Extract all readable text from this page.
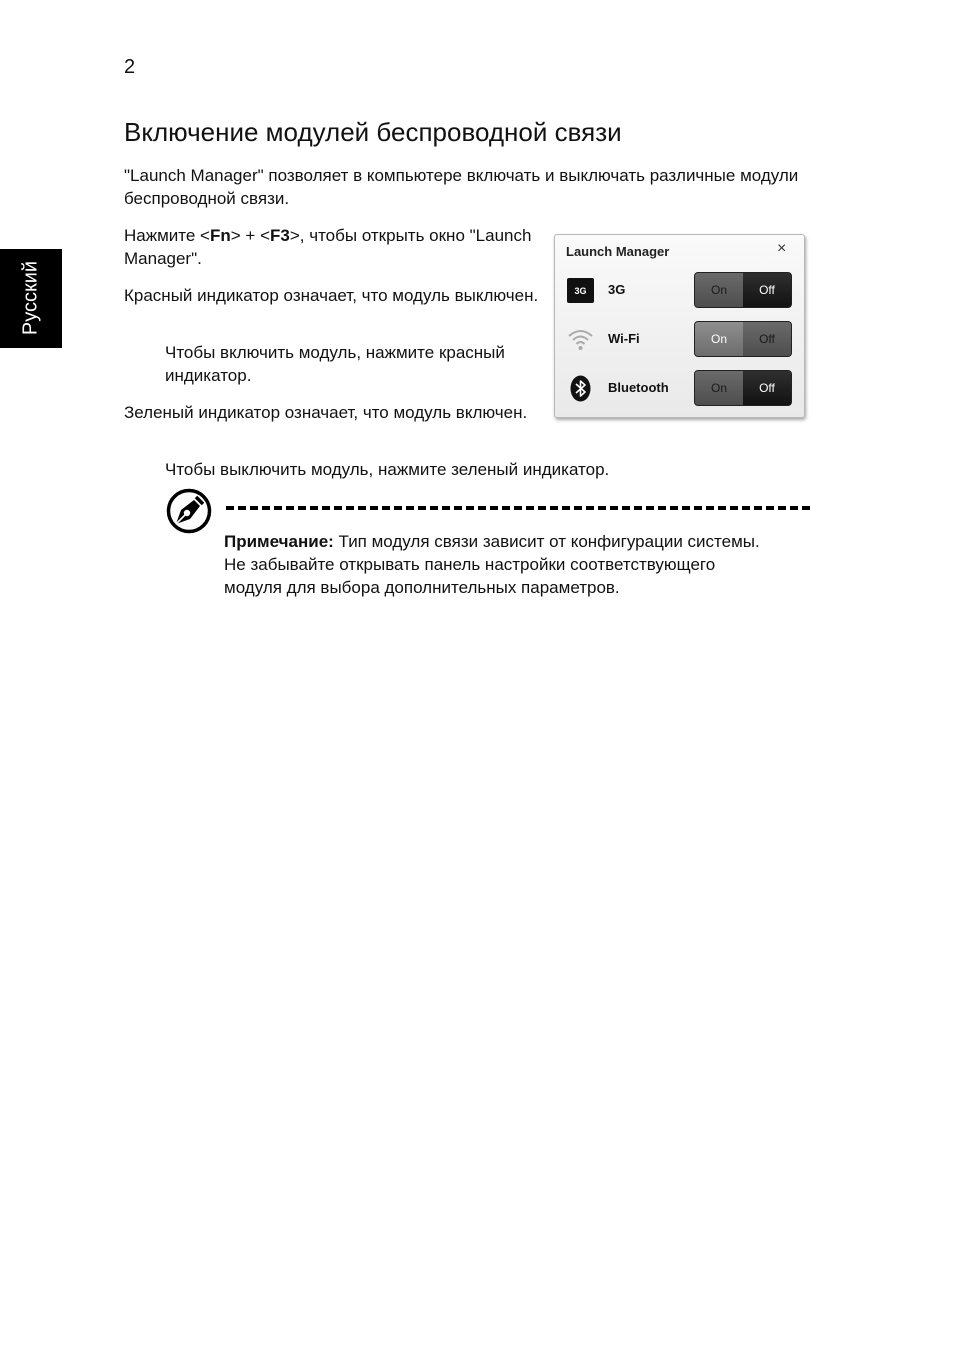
2
Русский
Включение модулей беспроводной связи
"Launch Manager" позволяет в компьютере включать и выключать различные модули беспроводной связи.
Нажмите <Fn> + <F3>, чтобы открыть окно "Launch Manager".
Красный индикатор означает, что модуль выключен.
Чтобы включить модуль, нажмите красный индикатор.
Зеленый индикатор означает, что модуль включен.
Чтобы выключить модуль, нажмите зеленый индикатор.
Launch Manager	×
3G 3G	On	Off
Wi-Fi	On	Off
Bluetooth	On	Off
Примечание: Тип модуля связи зависит от конфигурации системы. Не забывайте открывать панель настройки соответствующего модуля для выбора дополнительных параметров.
